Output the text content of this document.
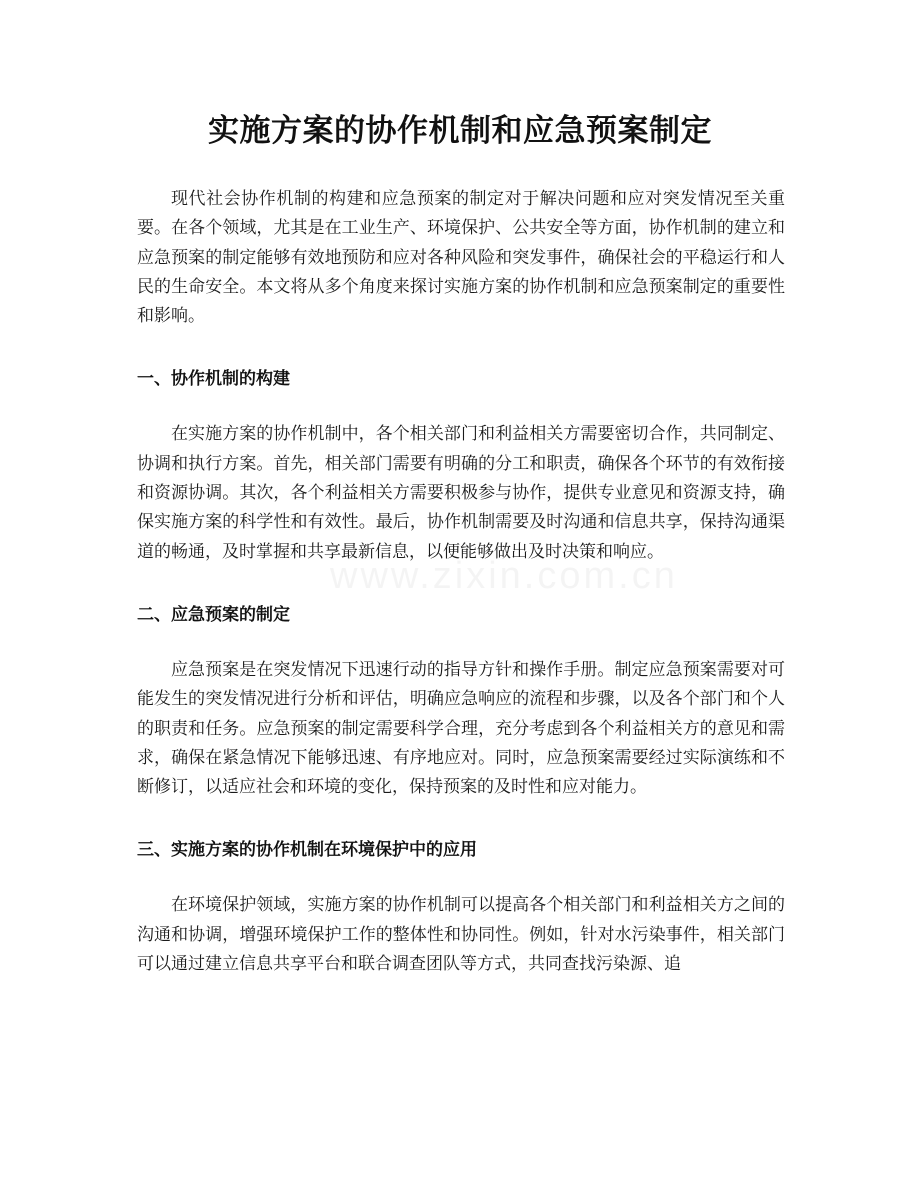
实施方案的协作机制和应急预案制定

现代社会协作机制的构建和应急预案的制定对于解决问题和应对突发情况至关重要。在各个领域，尤其是在工业生产、环境保护、公共安全等方面，协作机制的建立和应急预案的制定能够有效地预防和应对各种风险和突发事件，确保社会的平稳运行和人民的生命安全。本文将从多个角度来探讨实施方案的协作机制和应急预案制定的重要性和影响。

一、协作机制的构建

在实施方案的协作机制中，各个相关部门和利益相关方需要密切合作，共同制定、协调和执行方案。首先，相关部门需要有明确的分工和职责，确保各个环节的有效衔接和资源协调。其次，各个利益相关方需要积极参与协作，提供专业意见和资源支持，确保实施方案的科学性和有效性。最后，协作机制需要及时沟通和信息共享，保持沟通渠道的畅通，及时掌握和共享最新信息，以便能够做出及时决策和响应。

二、应急预案的制定

应急预案是在突发情况下迅速行动的指导方针和操作手册。制定应急预案需要对可能发生的突发情况进行分析和评估，明确应急响应的流程和步骤，以及各个部门和个人的职责和任务。应急预案的制定需要科学合理，充分考虑到各个利益相关方的意见和需求，确保在紧急情况下能够迅速、有序地应对。同时，应急预案需要经过实际演练和不断修订，以适应社会和环境的变化，保持预案的及时性和应对能力。

三、实施方案的协作机制在环境保护中的应用

在环境保护领域，实施方案的协作机制可以提高各个相关部门和利益相关方之间的沟通和协调，增强环境保护工作的整体性和协同性。例如，针对水污染事件，相关部门可以通过建立信息共享平台和联合调查团队等方式，共同查找污染源、追
